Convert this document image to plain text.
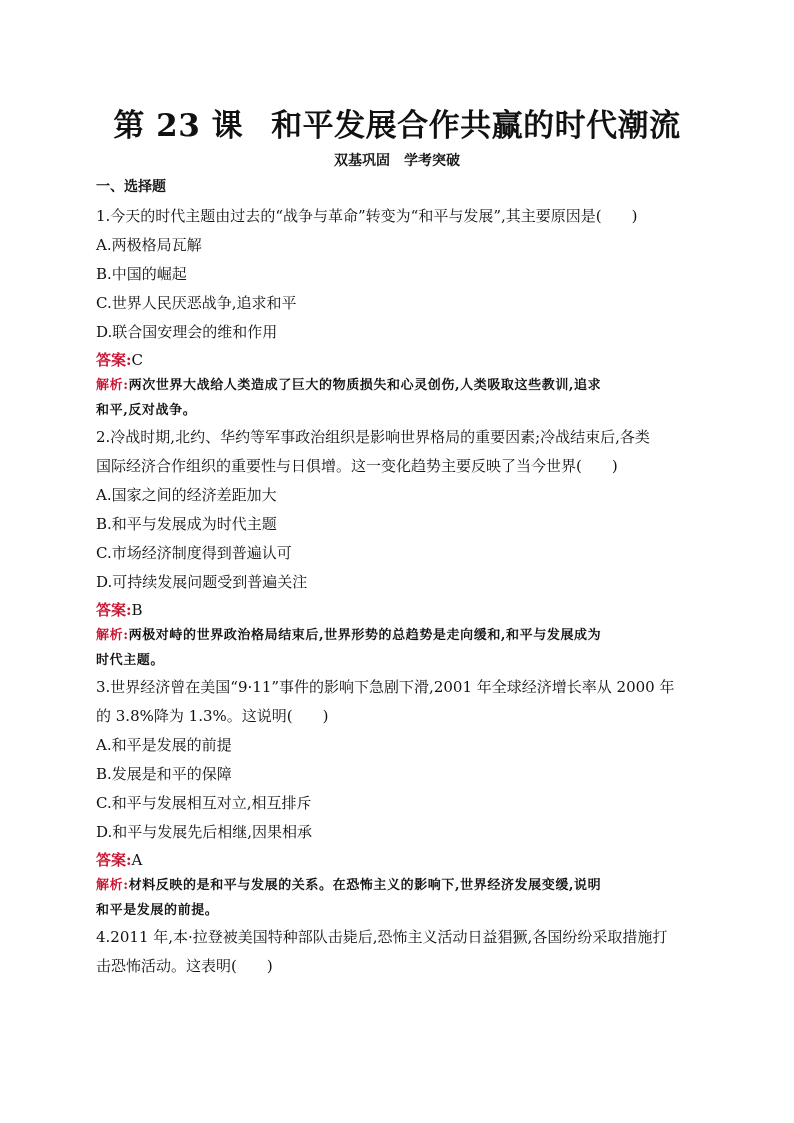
第 23 课 和平发展合作共赢的时代潮流
双基巩固 学考突破
一、选择题
1.今天的时代主题由过去的“战争与革命”转变为“和平与发展”,其主要原因是(　　)
A.两极格局瓦解
B.中国的崛起
C.世界人民厌恶战争,追求和平
D.联合国安理会的维和作用
答案:C
解析:两次世界大战给人类造成了巨大的物质损失和心灵创伤,人类吸取这些教训,追求
和平,反对战争。
2.冷战时期,北约、华约等军事政治组织是影响世界格局的重要因素;冷战结束后,各类
国际经济合作组织的重要性与日俱增。这一变化趋势主要反映了当今世界(　　)
A.国家之间的经济差距加大
B.和平与发展成为时代主题
C.市场经济制度得到普遍认可
D.可持续发展问题受到普遍关注
答案:B
解析:两极对峙的世界政治格局结束后,世界形势的总趋势是走向缓和,和平与发展成为
时代主题。
3.世界经济曾在美国“9·11”事件的影响下急剧下滑,2001 年全球经济增长率从 2000 年
的 3.8%降为 1.3%。这说明(　　)
A.和平是发展的前提
B.发展是和平的保障
C.和平与发展相互对立,相互排斥
D.和平与发展先后相继,因果相承
答案:A
解析:材料反映的是和平与发展的关系。在恐怖主义的影响下,世界经济发展变缓,说明
和平是发展的前提。
4.2011 年,本·拉登被美国特种部队击毙后,恐怖主义活动日益猖獗,各国纷纷采取措施打
击恐怖活动。这表明(　　)
